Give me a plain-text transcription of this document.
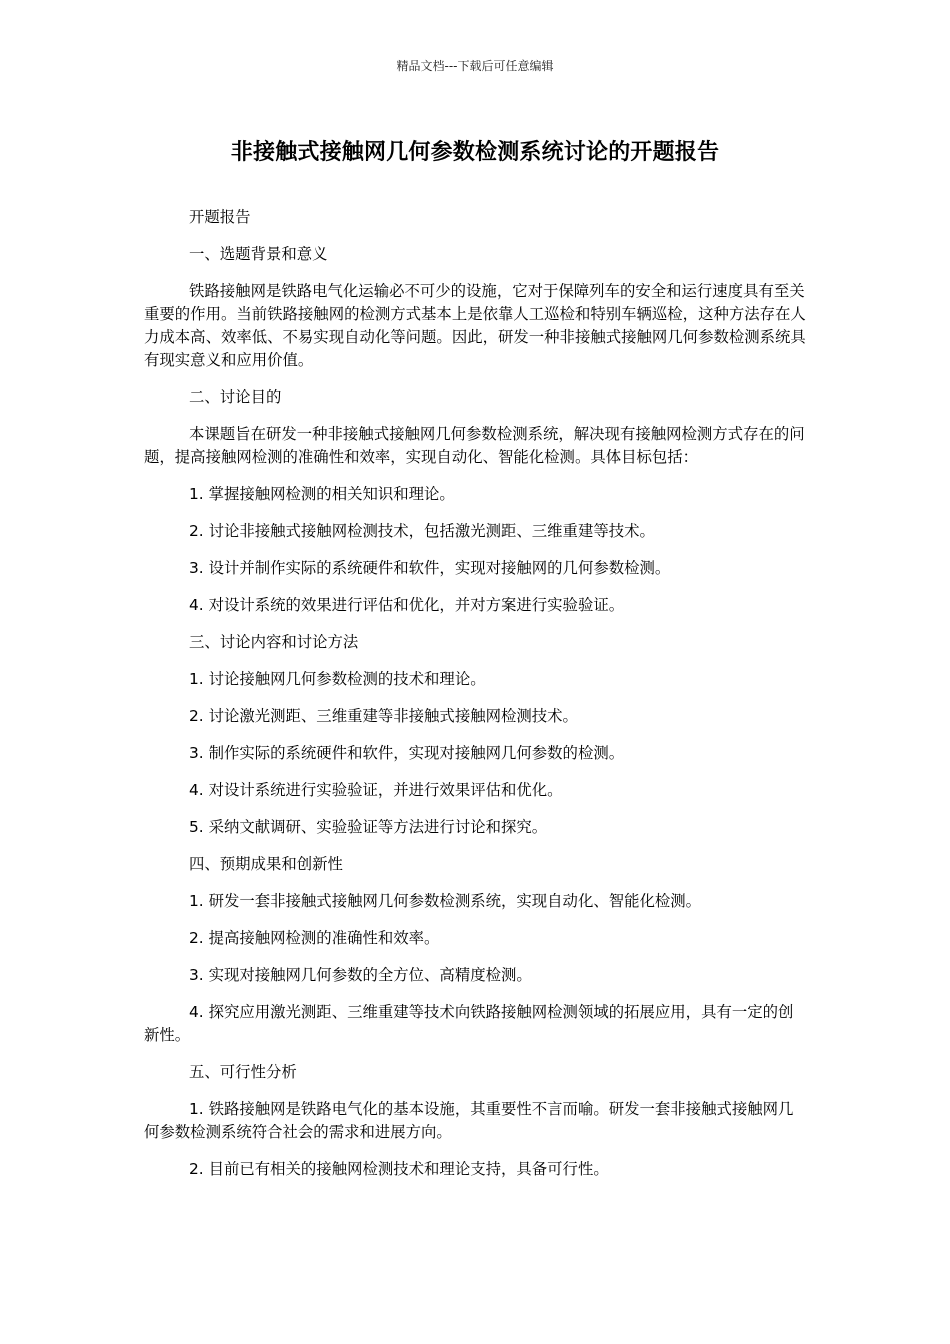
精品文档---下载后可任意编辑
非接触式接触网几何参数检测系统讨论的开题报告

开题报告

一、选题背景和意义

铁路接触网是铁路电气化运输必不可少的设施，它对于保障列车的安全和运行速度具有至关重要的作用。当前铁路接触网的检测方式基本上是依靠人工巡检和特别车辆巡检，这种方法存在人力成本高、效率低、不易实现自动化等问题。因此，研发一种非接触式接触网几何参数检测系统具有现实意义和应用价值。

二、讨论目的

本课题旨在研发一种非接触式接触网几何参数检测系统，解决现有接触网检测方式存在的问题，提高接触网检测的准确性和效率，实现自动化、智能化检测。具体目标包括：

1. 掌握接触网检测的相关知识和理论。

2. 讨论非接触式接触网检测技术，包括激光测距、三维重建等技术。

3. 设计并制作实际的系统硬件和软件，实现对接触网的几何参数检测。

4. 对设计系统的效果进行评估和优化，并对方案进行实验验证。

三、讨论内容和讨论方法

1. 讨论接触网几何参数检测的技术和理论。

2. 讨论激光测距、三维重建等非接触式接触网检测技术。

3. 制作实际的系统硬件和软件，实现对接触网几何参数的检测。

4. 对设计系统进行实验验证，并进行效果评估和优化。

5. 采纳文献调研、实验验证等方法进行讨论和探究。

四、预期成果和创新性

1. 研发一套非接触式接触网几何参数检测系统，实现自动化、智能化检测。

2. 提高接触网检测的准确性和效率。

3. 实现对接触网几何参数的全方位、高精度检测。

4. 探究应用激光测距、三维重建等技术向铁路接触网检测领域的拓展应用，具有一定的创新性。

五、可行性分析

1. 铁路接触网是铁路电气化的基本设施，其重要性不言而喻。研发一套非接触式接触网几何参数检测系统符合社会的需求和进展方向。

2. 目前已有相关的接触网检测技术和理论支持，具备可行性。
